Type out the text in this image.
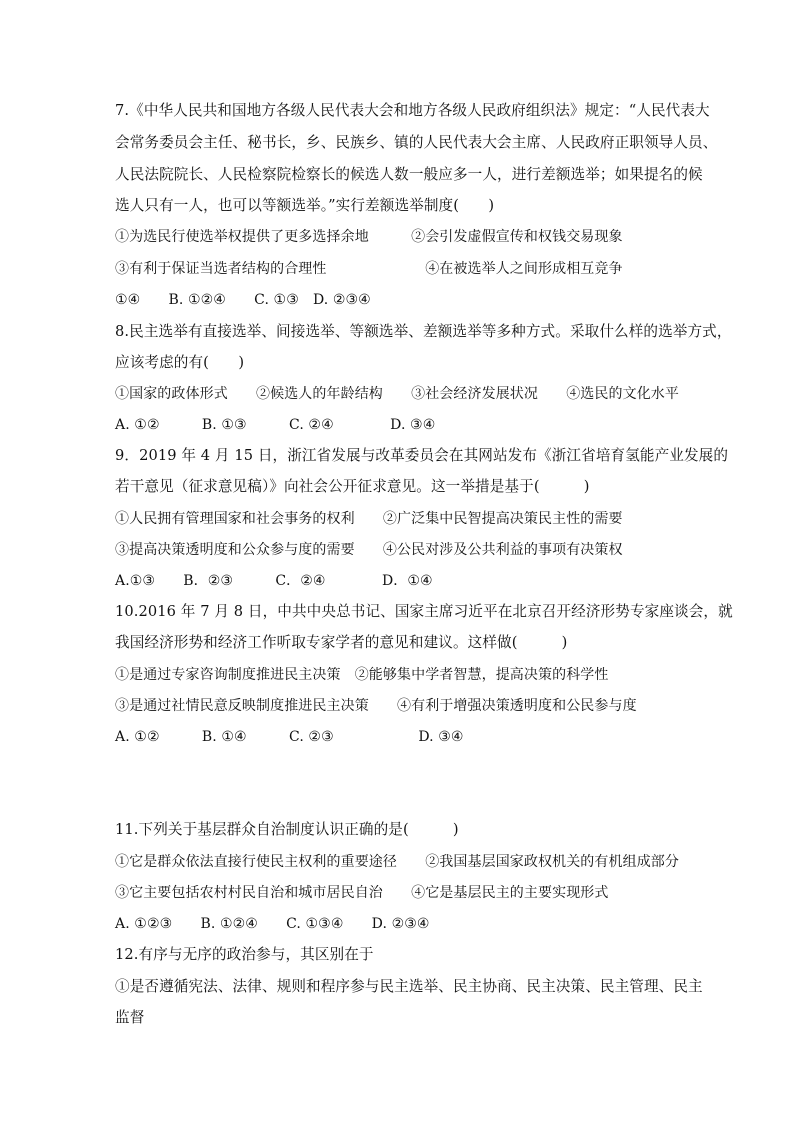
7.《中华人民共和国地方各级人民代表大会和地方各级人民政府组织法》规定：“人民代表大
会常务委员会主任、秘书长，乡、民族乡、镇的人民代表大会主席、人民政府正职领导人员、
人民法院院长、人民检察院检察长的候选人数一般应多一人，进行差额选举；如果提名的候
选人只有一人，也可以等额选举。”实行差额选举制度(　　)
①为选民行使选举权提供了更多选择余地　　　②会引发虚假宣传和权钱交易现象
③有利于保证当选者结构的合理性　　　　　　　④在被选举人之间形成相互竞争
①④　　B. ①②④　　C. ①③　D. ②③④
8.民主选举有直接选举、间接选举、等额选举、差额选举等多种方式。采取什么样的选举方式，
应该考虑的有(　　)
①国家的政体形式　　②候选人的年龄结构　　③社会经济发展状况　　④选民的文化水平
A. ①②　　　B. ①③　　　C. ②④　　　　D. ③④
9．2019 年 4 月 15 日，浙江省发展与改革委员会在其网站发布《浙江省培育氢能产业发展的
若干意见（征求意见稿）》向社会公开征求意见。这一举措是基于(　　　)
①人民拥有管理国家和社会事务的权利　　②广泛集中民智提高决策民主性的需要
③提高决策透明度和公众参与度的需要　　④公民对涉及公共利益的事项有决策权
A.①③　　B．②③　　　C．②④　　　　D．①④
10.2016 年 7 月 8 日，中共中央总书记、国家主席习近平在北京召开经济形势专家座谈会，就
我国经济形势和经济工作听取专家学者的意见和建议。这样做(　　　)
①是通过专家咨询制度推进民主决策　②能够集中学者智慧，提高决策的科学性
③是通过社情民意反映制度推进民主决策　　④有利于增强决策透明度和公民参与度
A. ①②　　　B. ①④　　　C. ②③　　　　　　D. ③④
11.下列关于基层群众自治制度认识正确的是(　　　)
①它是群众依法直接行使民主权利的重要途径　　②我国基层国家政权机关的有机组成部分
③它主要包括农村村民自治和城市居民自治　　④它是基层民主的主要实现形式
A. ①②③　　B. ①②④　　C. ①③④　　D. ②③④
12.有序与无序的政治参与，其区别在于
①是否遵循宪法、法律、规则和程序参与民主选举、民主协商、民主决策、民主管理、民主
监督
